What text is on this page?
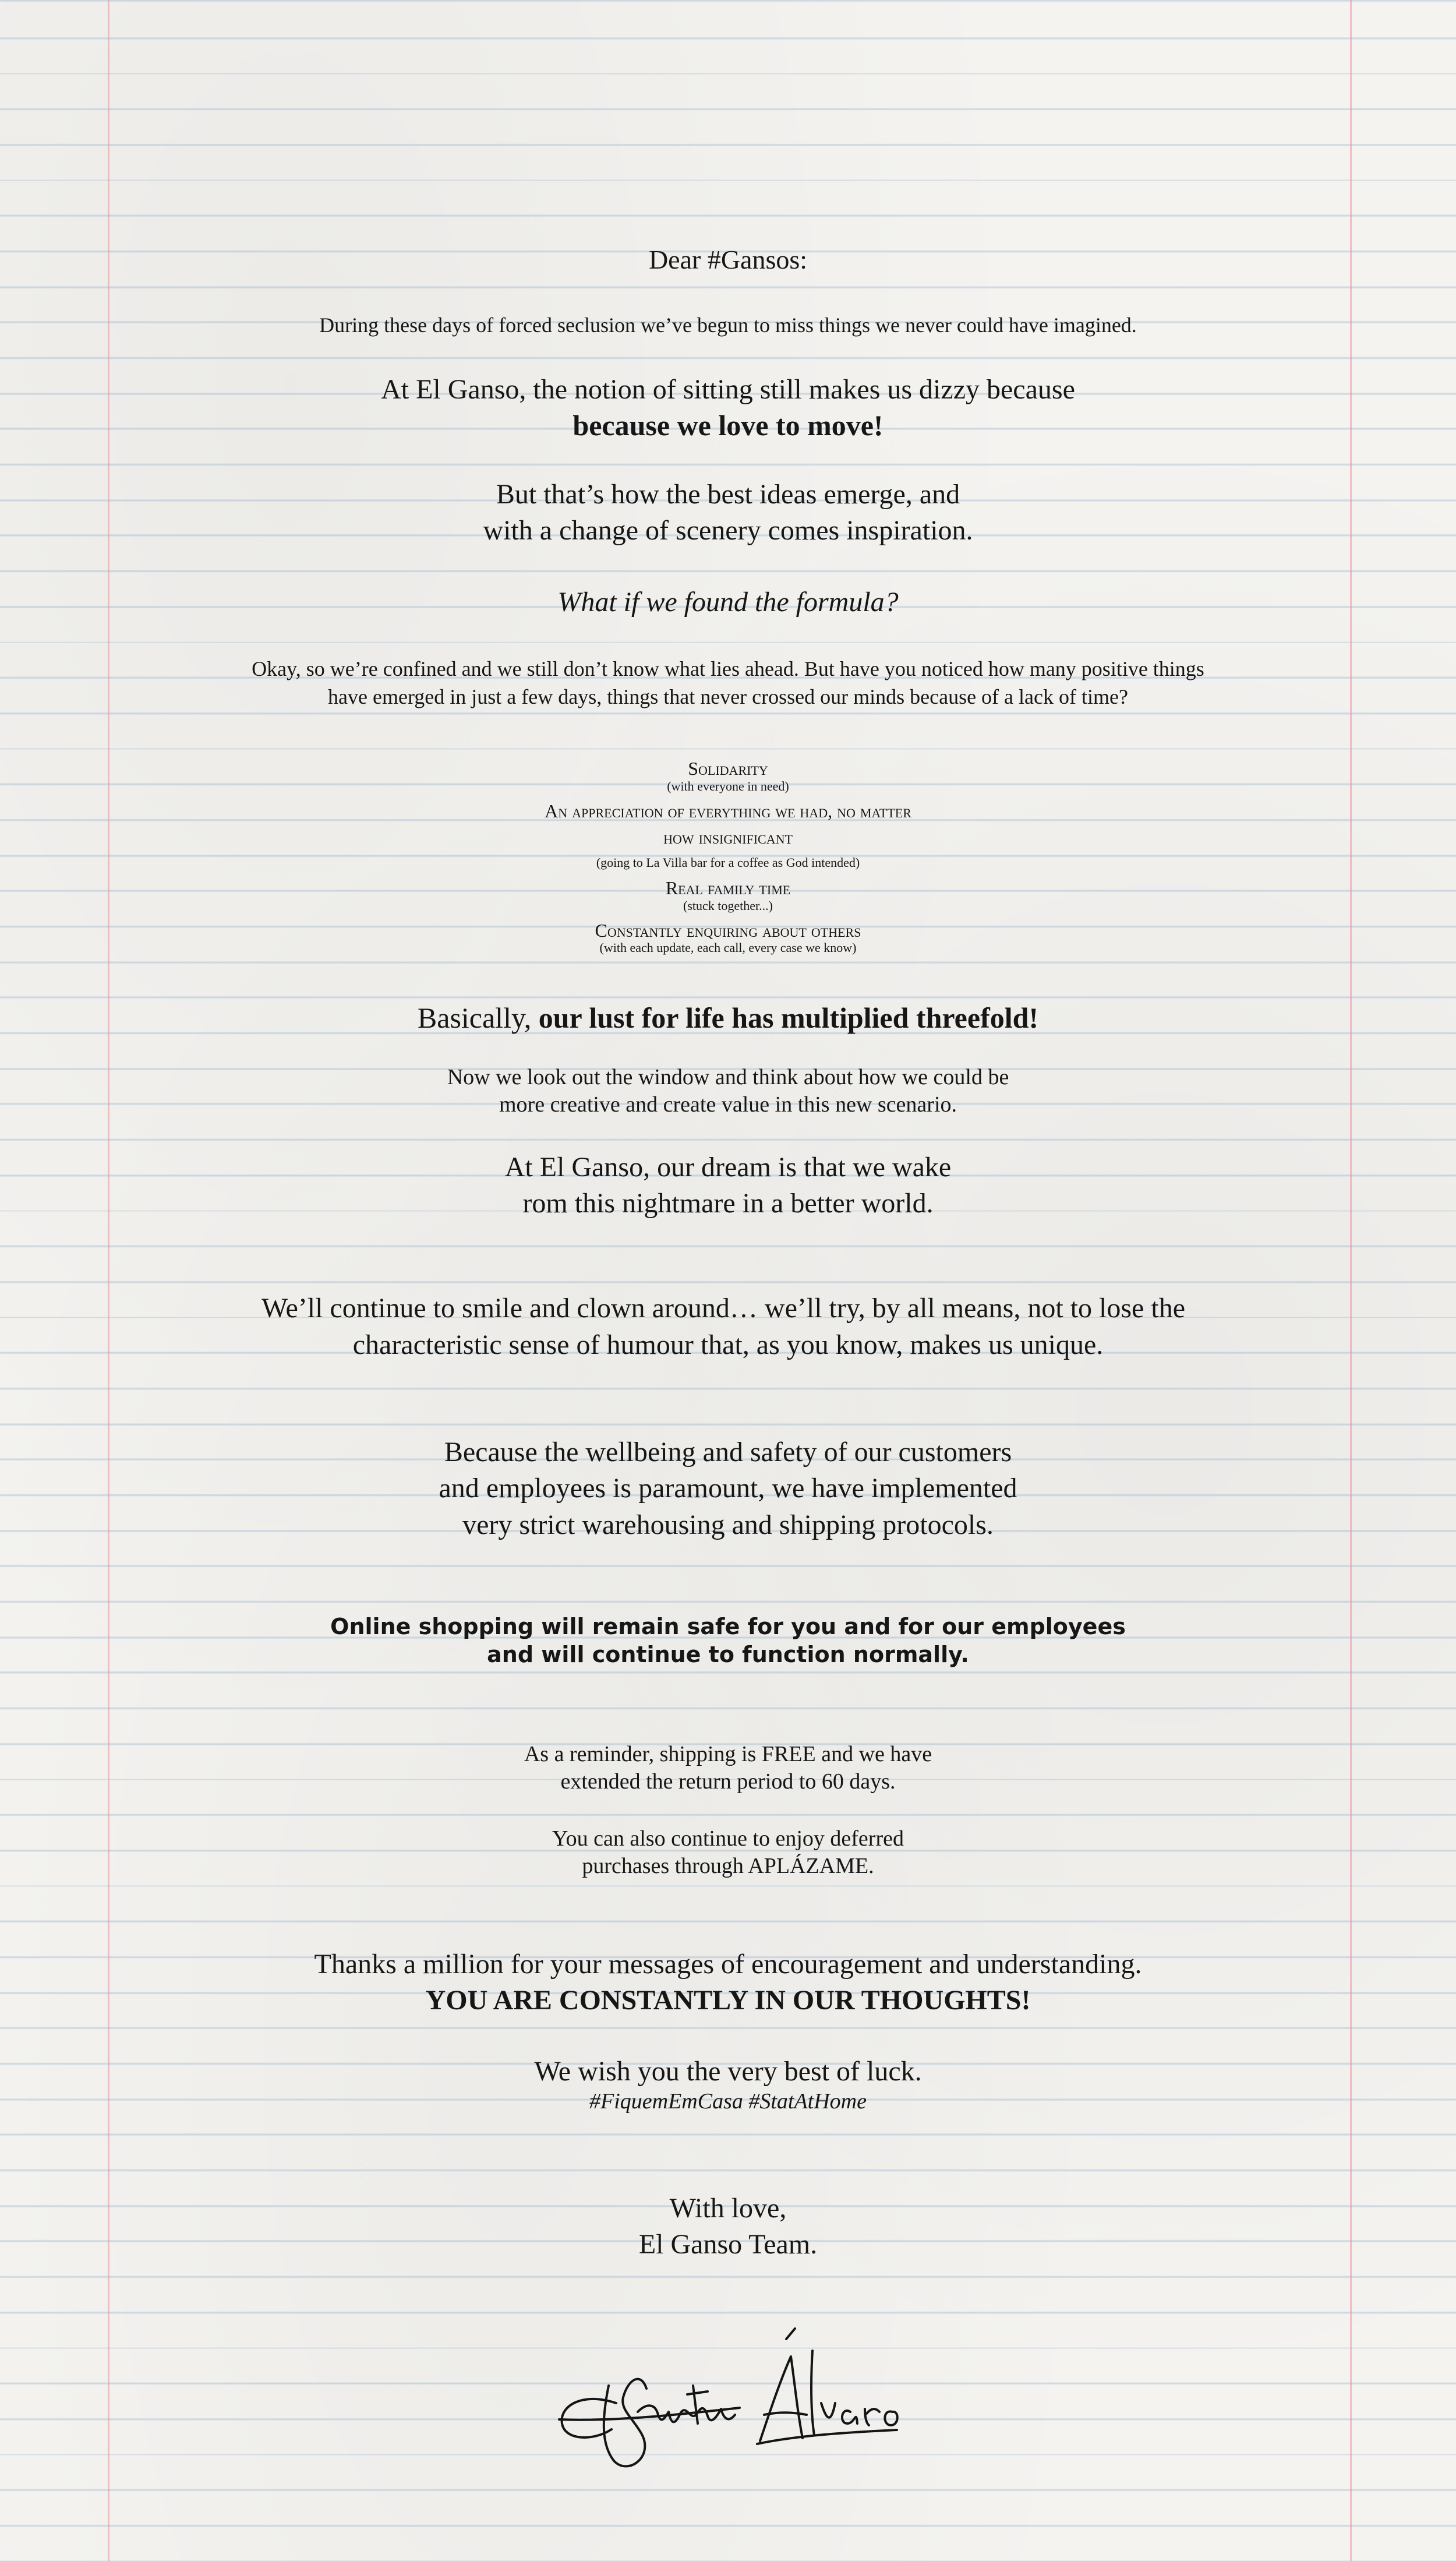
Dear #Gansos:
During these days of forced seclusion we’ve begun to miss things we never could have imagined.
At El Ganso, the notion of sitting still makes us dizzy because
because we love to move!
But that’s how the best ideas emerge, and
with a change of scenery comes inspiration.
What if we found the formula?
Okay, so we’re confined and we still don’t know what lies ahead. But have you noticed how many positive things
have emerged in just a few days, things that never crossed our minds because of a lack of time?
Solidarity
(with everyone in need)
An appreciation of everything we had, no matter
how insignificant
(going to La Villa bar for a coffee as God intended)
Real family time
(stuck together...)
Constantly enquiring about others
(with each update, each call, every case we know)
Basically, our lust for life has multiplied threefold!
Now we look out the window and think about how we could be
more creative and create value in this new scenario.
At El Ganso, our dream is that we wake
rom this nightmare in a better world.
We’ll continue to smile and clown around… we’ll try, by all means, not to lose the
characteristic sense of humour that, as you know, makes us unique.
Because the wellbeing and safety of our customers
and employees is paramount, we have implemented
very strict warehousing and shipping protocols.
Online shopping will remain safe for you and for our employees
and will continue to function normally.
As a reminder, shipping is FREE and we have
extended the return period to 60 days.
You can also continue to enjoy deferred
purchases through APLÁZAME.
Thanks a million for your messages of encouragement and understanding.
YOU ARE CONSTANTLY IN OUR THOUGHTS!
We wish you the very best of luck.
#FiquemEmCasa #StatAtHome
With love,
El Ganso Team.
